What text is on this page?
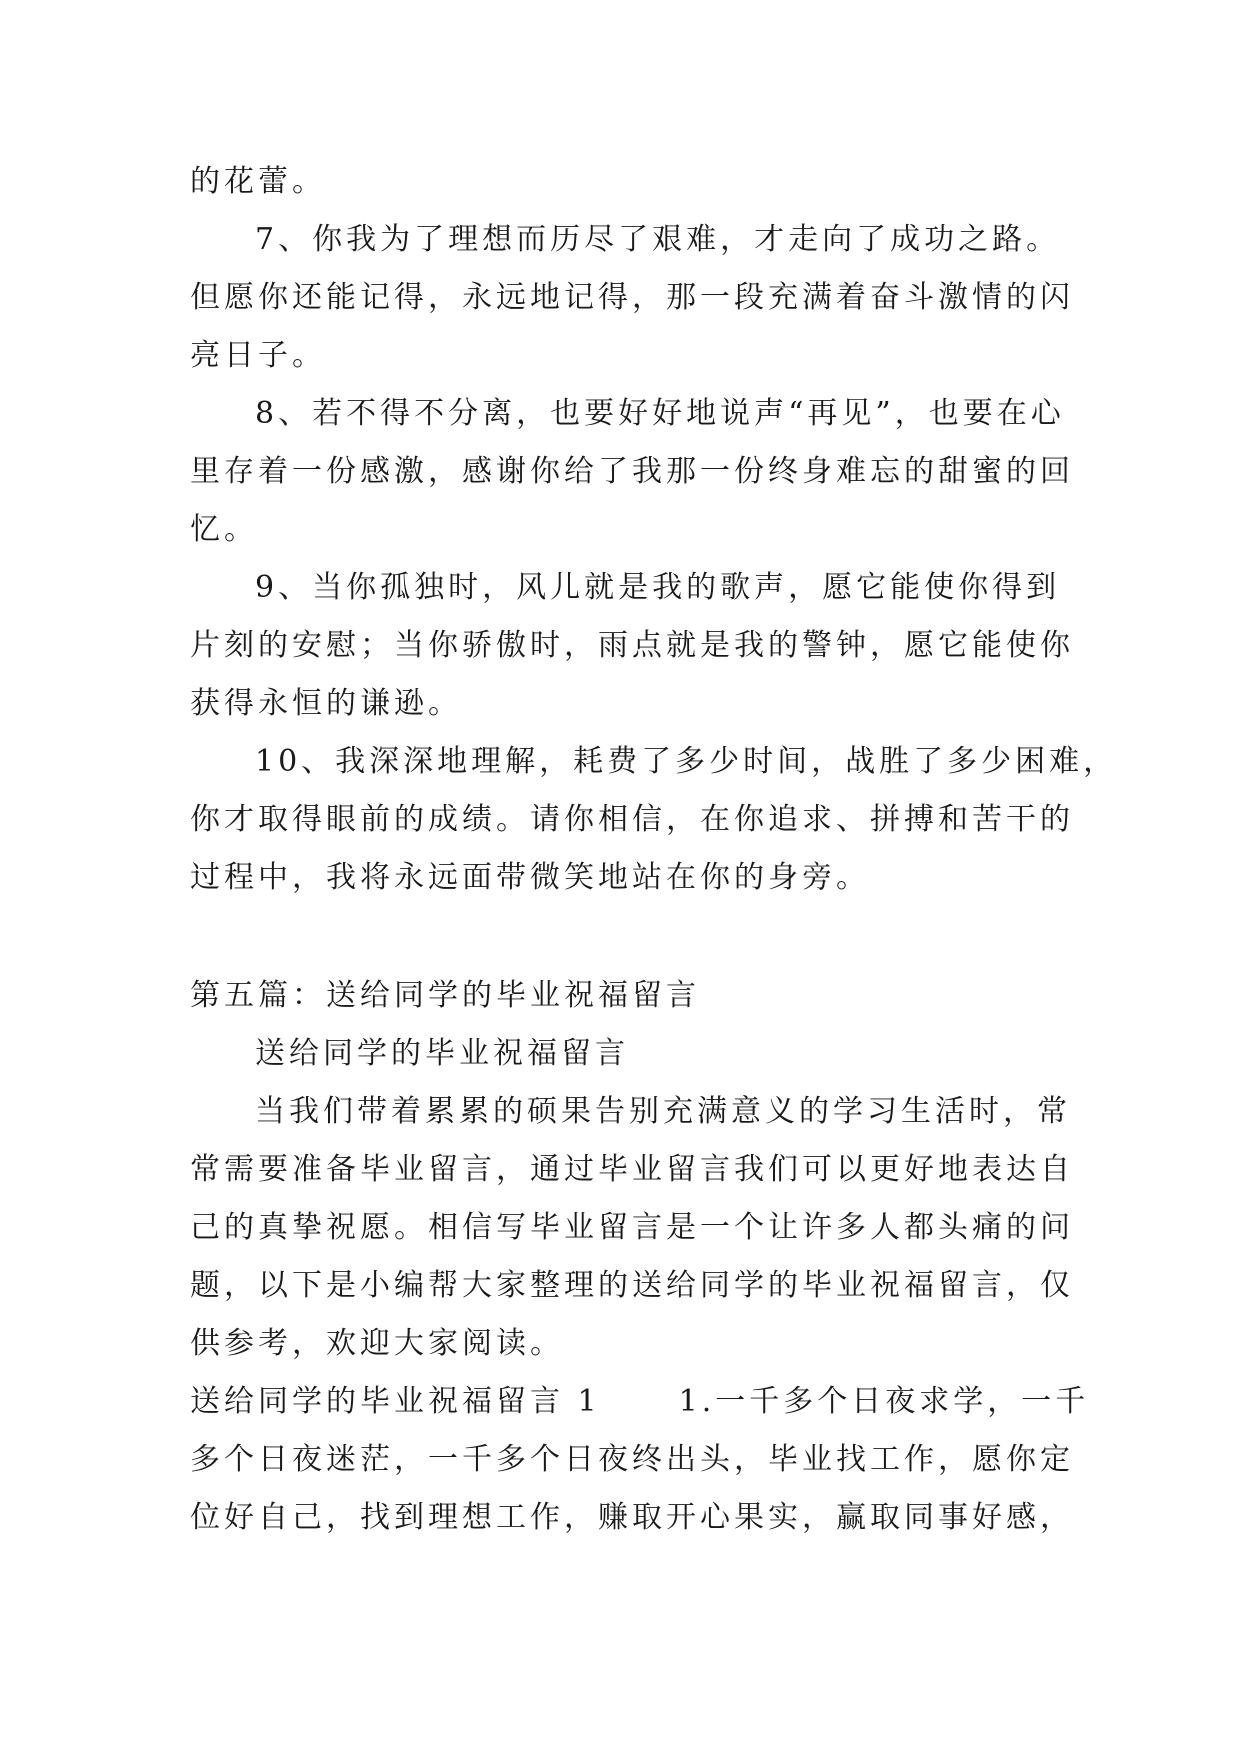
的花蕾。
7、你我为了理想而历尽了艰难，才走向了成功之路。
但愿你还能记得，永远地记得，那一段充满着奋斗激情的闪
亮日子。
8、若不得不分离，也要好好地说声“再见”，也要在心
里存着一份感激，感谢你给了我那一份终身难忘的甜蜜的回
忆。
9、当你孤独时，风儿就是我的歌声，愿它能使你得到
片刻的安慰；当你骄傲时，雨点就是我的警钟，愿它能使你
获得永恒的谦逊。
10、我深深地理解，耗费了多少时间，战胜了多少困难，
你才取得眼前的成绩。请你相信，在你追求、拼搏和苦干的
过程中，我将永远面带微笑地站在你的身旁。
第五篇：送给同学的毕业祝福留言
送给同学的毕业祝福留言
当我们带着累累的硕果告别充满意义的学习生活时，常
常需要准备毕业留言，通过毕业留言我们可以更好地表达自
己的真挚祝愿。相信写毕业留言是一个让许多人都头痛的问
题，以下是小编帮大家整理的送给同学的毕业祝福留言，仅
供参考，欢迎大家阅读。
送给同学的毕业祝福留言 1	1.一千多个日夜求学，一千
多个日夜迷茫，一千多个日夜终出头，毕业找工作，愿你定
位好自己，找到理想工作，赚取开心果实，赢取同事好感，
